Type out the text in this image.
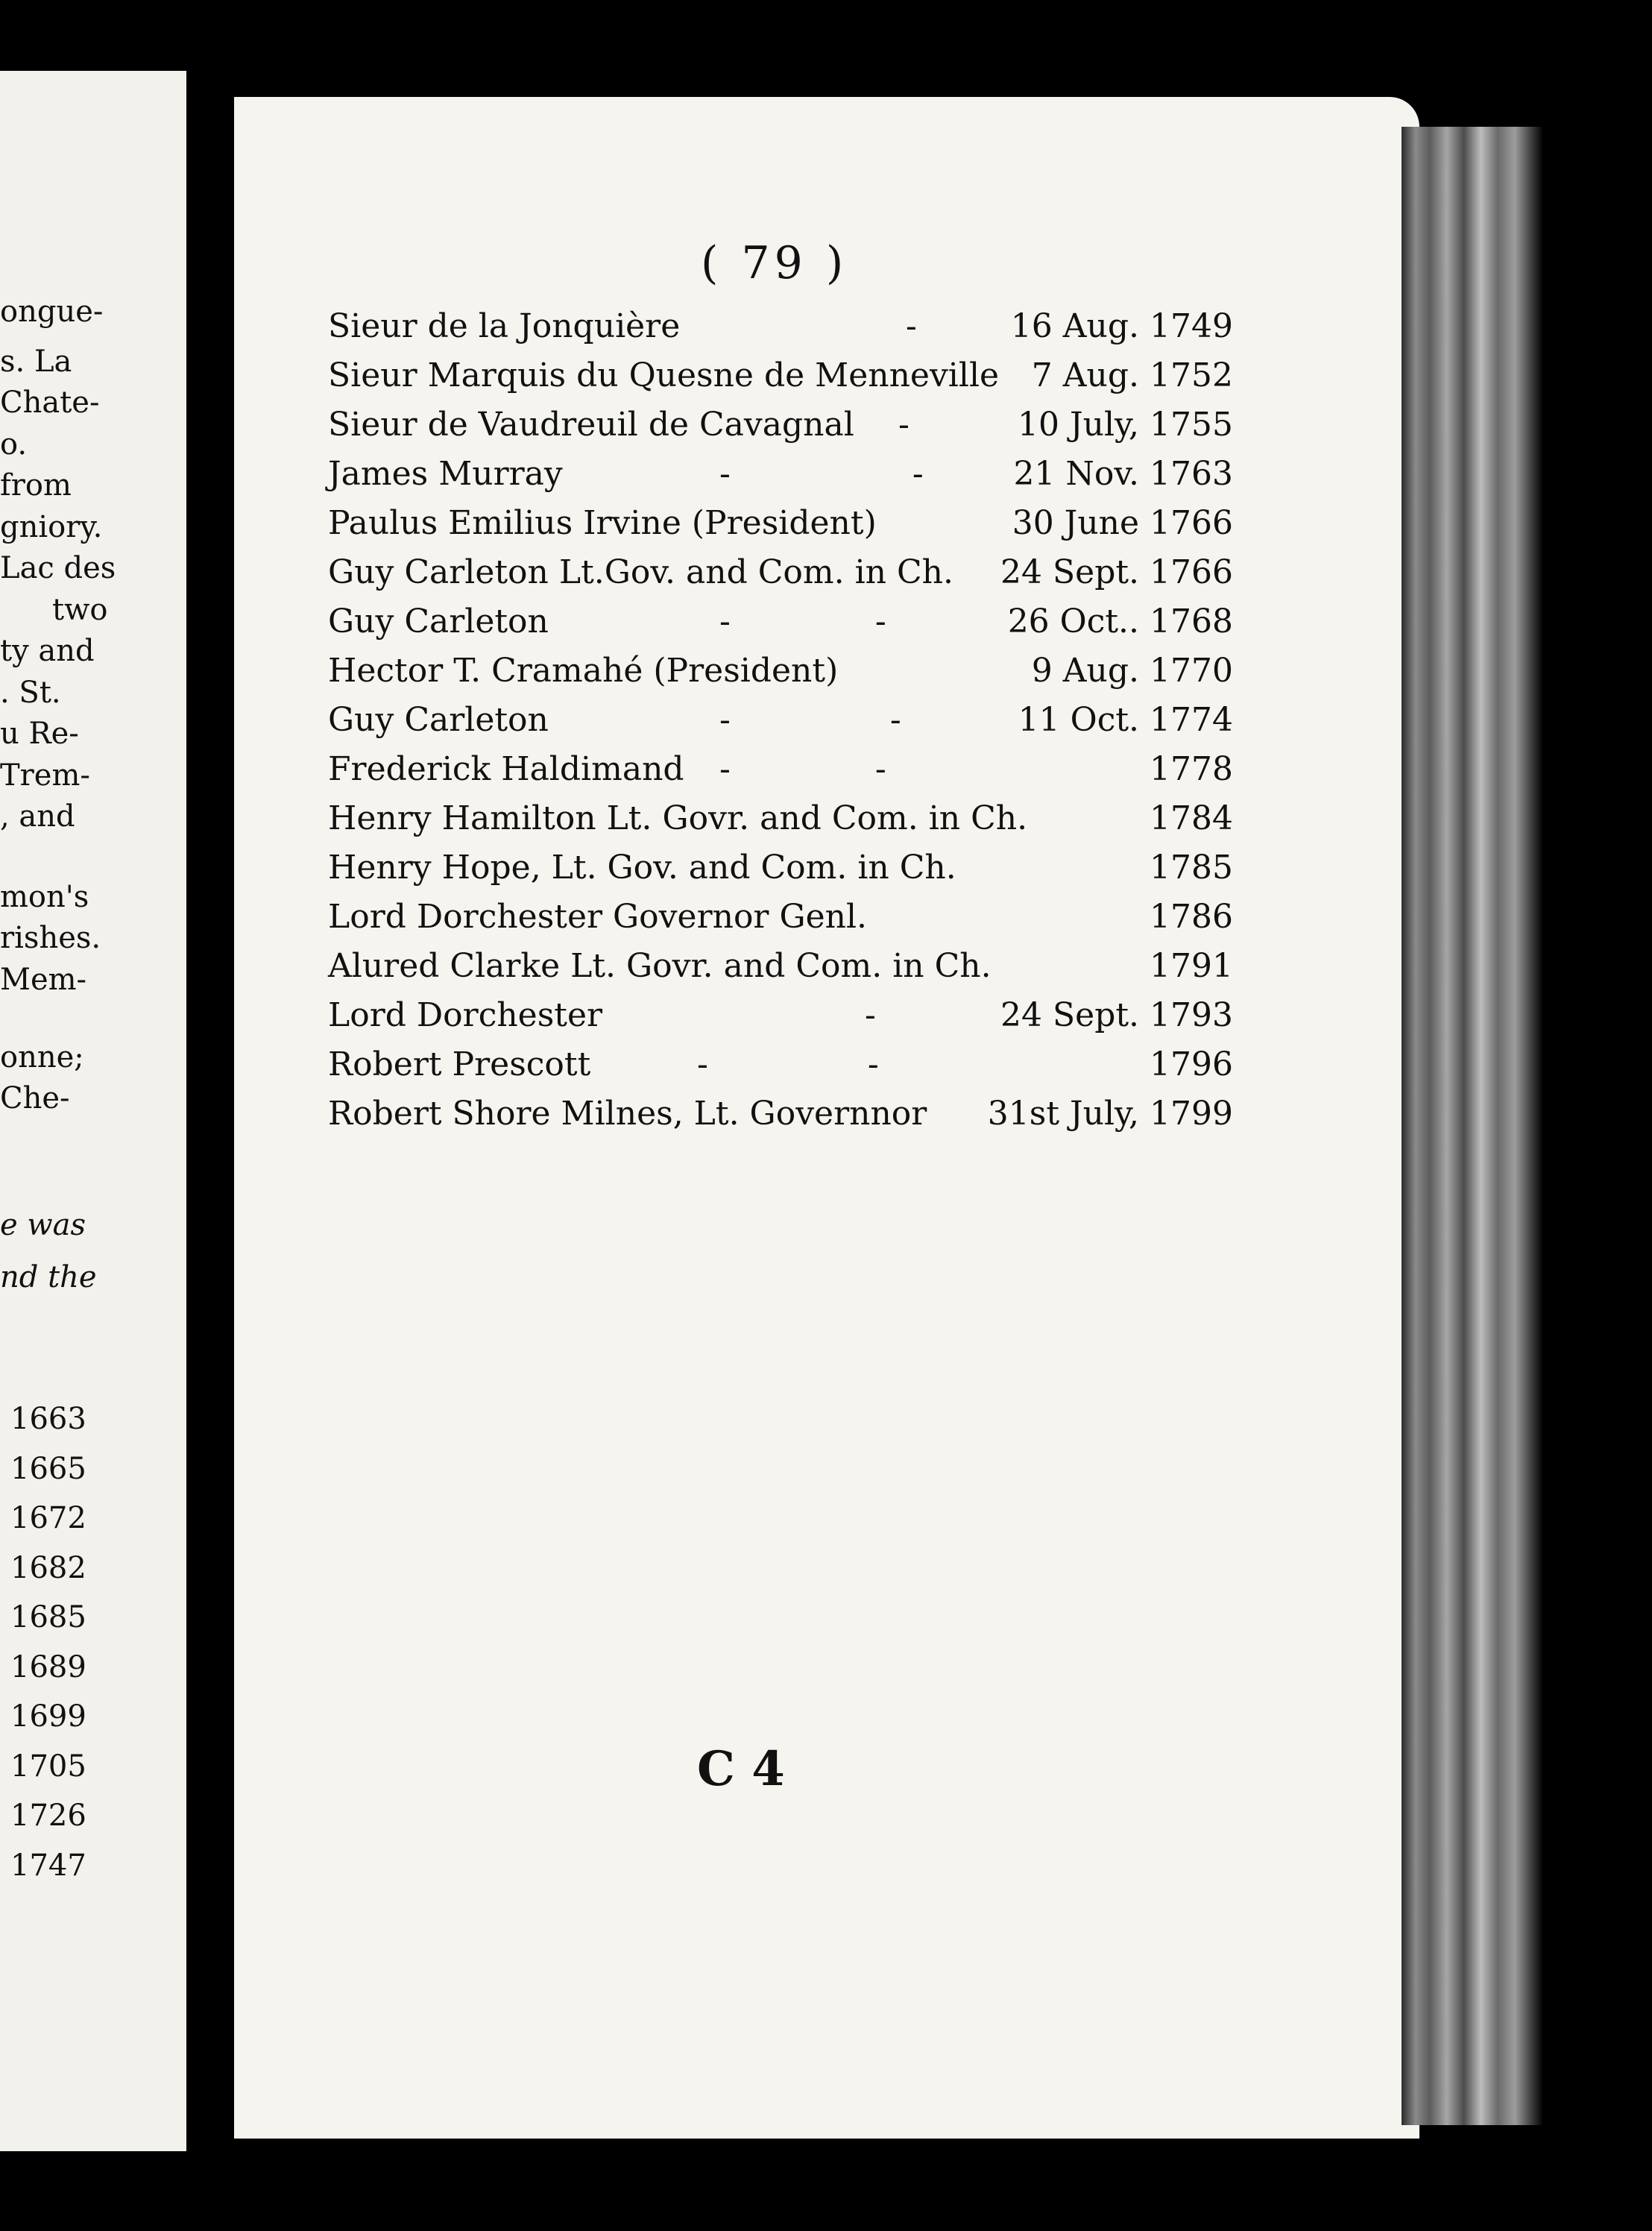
ongue-
s. La
Chate-
o.
from
gniory.
Lac des
two
ty and
. St.
u Re-
Trem-
, and
mon's
rishes.
Mem-
onne;
Che-
e was
nd the
1663
1665
1672
1682
1685
1689
1699
1705
1726
1747
( 79 )
Sieur de la Jonquière	-	16 Aug. 1749
Sieur Marquis du Quesne de Menneville 7 Aug. 1752
Sieur de Vaudreuil de Cavagnal -	10 July, 1755
James Murray	- -	21 Nov. 1763
Paulus Emilius Irvine (President)	30 June 1766
Guy Carleton Lt.Gov. and Com. in Ch. 24 Sept. 1766
Guy Carleton	- -	26 Oct.. 1768
Hector T. Cramahé (President)	9 Aug. 1770
Guy Carleton	- -	11 Oct. 1774
Frederick Haldimand - -	1778
Henry Hamilton Lt. Govr. and Com. in Ch.	1784
Henry Hope, Lt. Gov. and Com. in Ch.	1785
Lord Dorchester Governor Genl.	1786
Alured Clarke Lt. Govr. and Com. in Ch.	1791
Lord Dorchester	-	24 Sept. 1793
Robert Prescott	- -	1796
Robert Shore Milnes, Lt. Governnor 31st July, 1799
C 4
